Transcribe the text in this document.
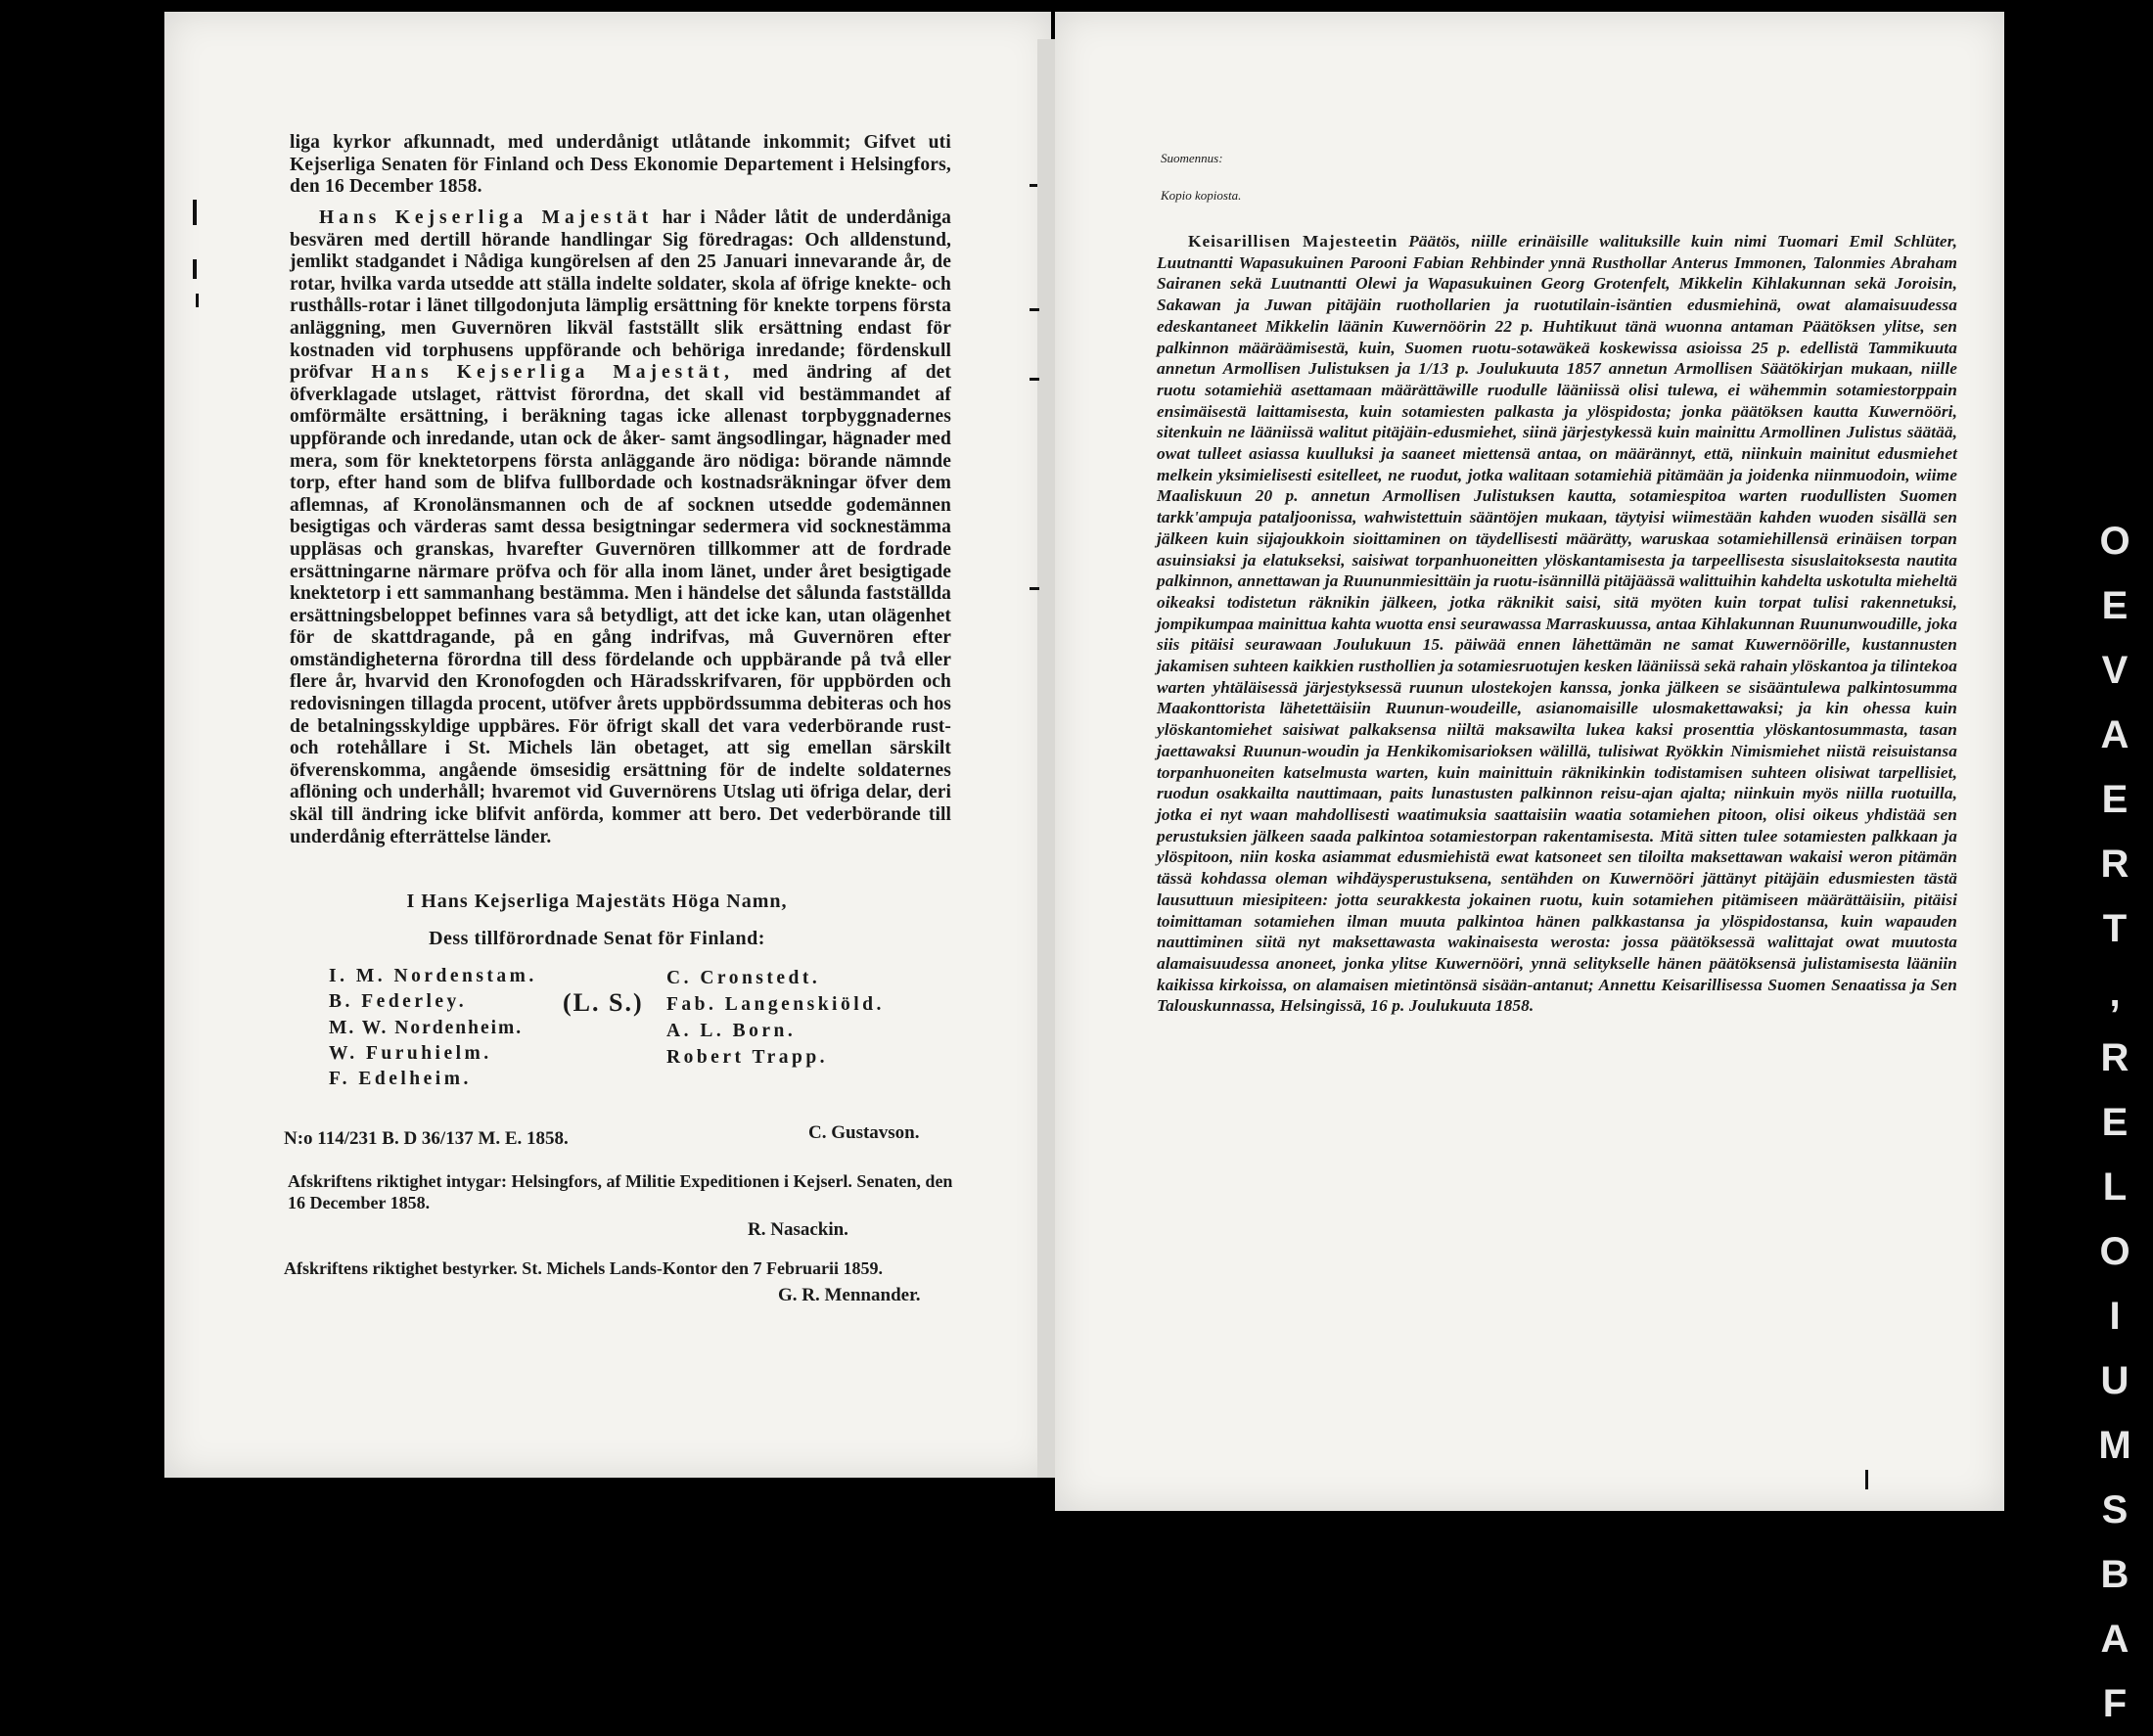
liga kyrkor afkunnadt, med underdånigt utlåtande inkommit; Gifvet uti Kejserliga Senaten för Finland och Dess Ekonomie Departement i Helsingfors, den 16 December 1858.

Hans Kejserliga Majestät har i Nåder låtit de underdåniga besvären med dertill hörande handlingar Sig föredragas: Och alldenstund, jemlikt stadgandet i Nådiga kungörelsen af den 25 Januari innevarande år, de rotar, hvilka varda utsedde att ställa indelte soldater, skola af öfrige knekte- och rusthålls-rotar i länet tillgodonjuta lämplig ersättning för knekte torpens första anläggning, men Guvernören likväl fastställt slik ersättning endast för kostnaden vid torphusens uppförande och behöriga inredande; fördenskull pröfvar Hans Kejserliga Majestät, med ändring af det öfverklagade utslaget, rättvist förordna, det skall vid bestämmandet af omförmälte ersättning, i beräkning tagas icke allenast torpbyggnadernes uppförande och inredande, utan ock de åker- samt ängsodlingar, hägnader med mera, som för knektetorpens första anläggande äro nödiga: börande nämnde torp, efter hand som de blifva fullbordade och kostnadsräkningar öfver dem aflemnas, af Kronolänsmannen och de af socknen utsedde godemännen besigtigas och värderas samt dessa besigtningar sedermera vid socknestämma uppläsas och granskas, hvarefter Guvernören tillkommer att de fordrade ersättningarne närmare pröfva och för alla inom länet, under året besigtigade knektetorp i ett sammanhang bestämma. Men i händelse det sålunda fastställda ersättningsbeloppet befinnes vara så betydligt, att det icke kan, utan olägenhet för de skattdragande, på en gång indrifvas, må Guvernören efter omständigheterna förordna till dess fördelande och uppbärande på två eller flere år, hvarvid den Kronofogden och Häradsskrifvaren, för uppbörden och redovisningen tillagda procent, utöfver årets uppbördssumma debiteras och hos de betalningsskyldige uppbäres. För öfrigt skall det vara vederbörande rust- och rotehållare i St. Michels län obetaget, att sig emellan särskilt öfverenskomma, angående ömsesidig ersättning för de indelte soldaternes aflöning och underhåll; hvaremot vid Guvernörens Utslag uti öfriga delar, deri skäl till ändring icke blifvit anförda, kommer att bero. Det vederbörande till underdånig efterrättelse länder.

I Hans Kejserliga Majestäts Höga Namn,
Dess tillförordnade Senat för Finland:
I. M. Nordenstam.
B. Federley.
M. W. Nordenheim.
W. Furuhielm.
F. Edelheim.
(L. S.)
C. Cronstedt.
Fab. Langenskiöld.
A. L. Born.
Robert Trapp.
N:o 114/231 B. D 36/137 M. E. 1858.	C. Gustavson.
Afskriftens riktighet intygar: Helsingfors, af Militie Expeditionen i Kejserl. Senaten, den 16 December 1858.
R. Nasackin.
Afskriftens riktighet bestyrker. St. Michels Lands-Kontor den 7 Februarii 1859.
G. R. Mennander.
Suomennus:
Kopio kopiosta.

Keisarillisen Majesteetin Päätös, niille erinäisille walituksille kuin nimi Tuomari Emil Schlüter, Luutnantti Wapasukuinen Parooni Fabian Rehbinder ynnä Rusthollar Anterus Immonen, Talonmies Abraham Sairanen sekä Luutnantti Olewi ja Wapasukuinen Georg Grotenfelt, Mikkelin Kihlakunnan sekä Joroisin, Sakawan ja Juwan pitäjäin ruothollarien ja ruotutilain-isäntien edusmiehinä, owat alamaisuudessa edeskantaneet Mikkelin läänin Kuwernöörin 22 p. Huhtikuut tänä wuonna antaman Päätöksen ylitse, sen palkinnon määräämisestä, kuin, Suomen ruotu-sotawäkeä koskewissa asioissa 25 p. edellistä Tammikuuta annetun Armollisen Julistuksen ja 1/13 p. Joulukuuta 1857 annetun Armollisen Säätökirjan mukaan, niille ruotu sotamiehiä asettamaan määrättäwille ruodulle lääniissä olisi tulewa, ei wähemmin sotamiestorppain ensimäisestä laittamisesta, kuin sotamiesten palkasta ja ylöspidosta; jonka päätöksen kautta Kuwernööri, sitenkuin ne lääniissä walitut pitäjäin-edusmiehet, siinä järjestykessä kuin mainittu Armollinen Julistus säätää, owat tulleet asiassa kuulluksi ja saaneet miettensä antaa, on määrännyt, että, niinkuin mainitut edusmiehet melkein yksimielisesti esitelleet, ne ruodut, jotka walitaan sotamiehiä pitämään ja joidenka niinmuodoin, wiime Maaliskuun 20 p. annetun Armollisen Julistuksen kautta, sotamiespitoa warten ruodullisten Suomen tarkk'ampuja pataljoonissa, wahwistettuin sääntöjen mukaan, täytyisi wiimestään kahden wuoden sisällä sen jälkeen kuin sijajoukkoin sioittaminen on täydellisesti määrätty, waruskaa sotamiehillensä erinäisen torpan asuinsiaksi ja elatukseksi, saisiwat torpanhuoneitten ylöskantamisesta ja tarpeellisesta sisuslaitoksesta nautita palkinnon, annettawan ja Ruununmiesittäin ja ruotu-isännillä pitäjäässä walittuihin kahdelta uskotulta mieheltä oikeaksi todistetun räknikin jälkeen, jotka räknikit saisi, sitä myöten kuin torpat tulisi rakennetuksi, jompikumpaa mainittua kahta wuotta ensi seurawassa Marraskuussa, antaa Kihlakunnan Ruununwoudille, joka siis pitäisi seurawaan Joulukuun 15. päiwää ennen lähettämän ne samat Kuwernöörille, kustannusten jakamisen suhteen kaikkien rusthollien ja sotamiesruotujen kesken lääniissä sekä rahain ylöskantoa ja tilintekoa warten yhtäläisessä järjestyksessä ruunun ulostekojen kanssa, jonka jälkeen se sisääntulewa palkintosumma Maakonttorista lähetettäisiin Ruunun-woudeille, asianomaisille ulosmakettawaksi; ja kin ohessa kuin ylöskantomiehet saisiwat palkaksensa niiltä maksawilta lukea kaksi prosenttia ylöskantosummasta, tasan jaettawaksi Ruunun-woudin ja Henkikomisarioksen wälillä, tulisiwat Ryökkin Nimismiehet niistä reisuistansa torpanhuoneiten katselmusta warten, kuin mainittuin räknikinkin todistamisen suhteen olisiwat tarpellisiet, ruodun osakkailta nauttimaan, paits lunastusten palkinnon reisu-ajan ajalta; niinkuin myös niilla ruotuilla, jotka ei nyt waan mahdollisesti waatimuksia saattaisiin waatia sotamiehen pitoon, olisi oikeus yhdistää sen perustuksien jälkeen saada palkintoa sotamiestorpan rakentamisesta. Mitä sitten tulee sotamiesten palkkaan ja ylöspitoon, niin koska asiammat edusmiehistä ewat katsoneet sen tiloilta maksettawan wakaisi weron pitämän tässä kohdassa oleman wihdäysperustuksena, sentähden on Kuwernööri jättänyt pitäjäin edusmiesten tästä lausuttuun miesipiteen: jotta seurakkesta jokainen ruotu, kuin sotamiehen pitämiseen määrättäisiin, pitäisi toimittaman sotamiehen ilman muuta palkintoa hänen palkkastansa ja ylöspidostansa, kuin wapauden nauttiminen siitä nyt maksettawasta wakinaisesta werosta: jossa päätöksessä walittajat owat muutosta alamaisuudessa anoneet, jonka ylitse Kuwernööri, ynnä selitykselle hänen päätöksensä julistamisesta lääniin kaikissa kirkoissa, on alamaisen mietintönsä sisään-antanut; Annettu Keisarillisessa Suomen Senaatissa ja Sen Talouskunnassa, Helsingissä, 16 p. Joulukuuta 1858.

O
E
V
A
E
R
T
,
R
E
L
O
I
U
M
S
B
A
F
